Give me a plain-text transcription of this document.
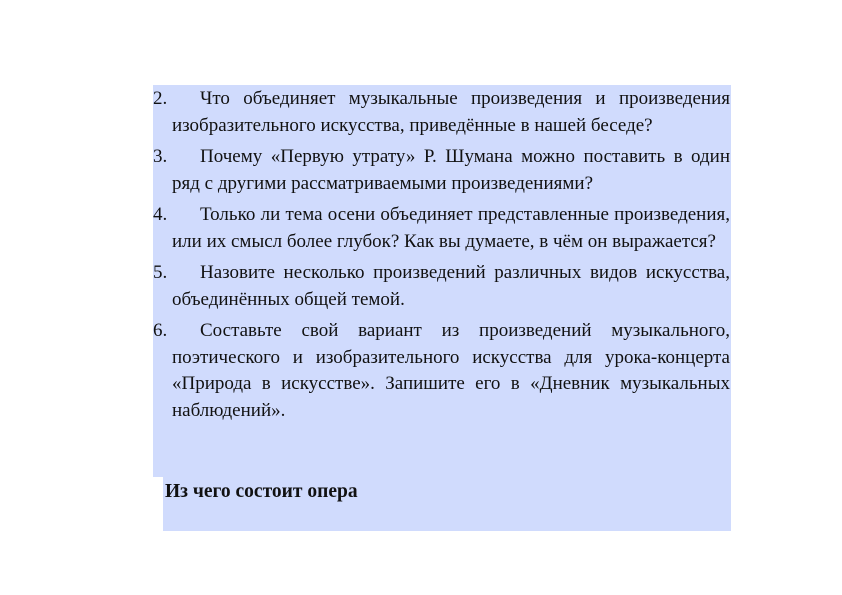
2.	Что объединяет музыкальные произведения и произведения изобразительного искусства, приведённые в нашей беседе?
3.	Почему «Первую утрату» Р. Шумана можно поставить в один ряд с другими рассматриваемыми произведениями?
4.	Только ли тема осени объединяет представленные произведения, или их смысл более глубок? Как вы думаете, в чём он выражается?
5.	Назовите несколько произведений различных видов искусства, объединённых общей темой.
6.	Составьте свой вариант из произведений музыкального, поэтического и изобразительного искусства для урока-концерта «Природа в искусстве». Запишите его в «Дневник музыкальных наблюдений».
Из чего состоит опера
